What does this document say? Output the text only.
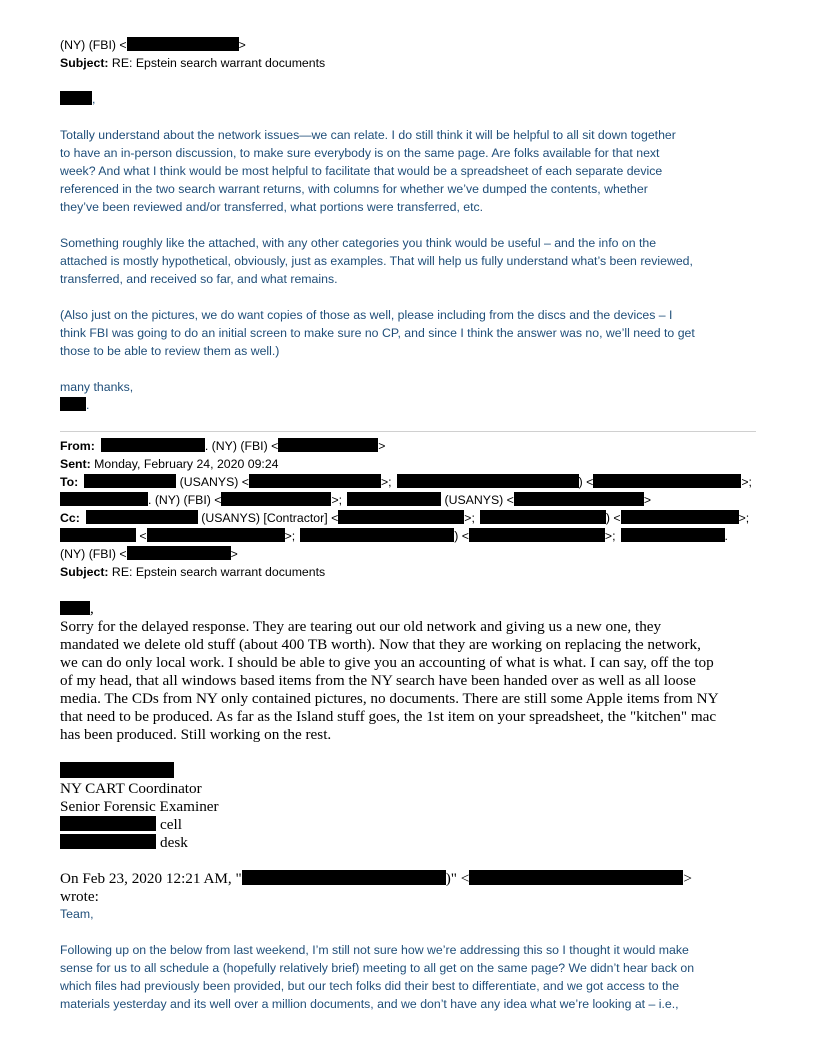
(NY) (FBI) <	>
Subject: RE: Epstein search warrant documents
,
Totally understand about the network issues—we can relate. I do still think it will be helpful to all sit down together
to have an in-person discussion, to make sure everybody is on the same page. Are folks available for that next
week? And what I think would be most helpful to facilitate that would be a spreadsheet of each separate device
referenced in the two search warrant returns, with columns for whether we’ve dumped the contents, whether
they’ve been reviewed and/or transferred, what portions were transferred, etc.
Something roughly like the attached, with any other categories you think would be useful – and the info on the
attached is mostly hypothetical, obviously, just as examples. That will help us fully understand what’s been reviewed,
transferred, and received so far, and what remains.
(Also just on the pictures, we do want copies of those as well, please including from the discs and the devices – I
think FBI was going to do an initial screen to make sure no CP, and since I think the answer was no, we’ll need to get
those to be able to review them as well.)
many thanks,
.
From:	. (NY) (FBI) <	>
Sent: Monday, February 24, 2020 09:24
To:	(USANYS) <	>;	) <	>;
. (NY) (FBI) <	>;	(USANYS) <	>
Cc:	(USANYS) [Contractor] <	>;	) <	>;
<	>;	) <	>;	.
(NY) (FBI) <	>
Subject: RE: Epstein search warrant documents
,
Sorry for the delayed response. They are tearing out our old network and giving us a new one, they
mandated we delete old stuff (about 400 TB worth). Now that they are working on replacing the network,
we can do only local work. I should be able to give you an accounting of what is what. I can say, off the top
of my head, that all windows based items from the NY search have been handed over as well as all loose
media. The CDs from NY only contained pictures, no documents. There are still some Apple items from NY
that need to be produced. As far as the Island stuff goes, the 1st item on your spreadsheet, the "kitchen" mac
has been produced. Still working on the rest.
NY CART Coordinator
Senior Forensic Examiner
cell
desk
On Feb 23, 2020 12:21 AM, "	)" <	>
wrote:
Team,
Following up on the below from last weekend, I’m still not sure how we’re addressing this so I thought it would make
sense for us to all schedule a (hopefully relatively brief) meeting to all get on the same page? We didn’t hear back on
which files had previously been provided, but our tech folks did their best to differentiate, and we got access to the
materials yesterday and its well over a million documents, and we don’t have any idea what we’re looking at – i.e.,
